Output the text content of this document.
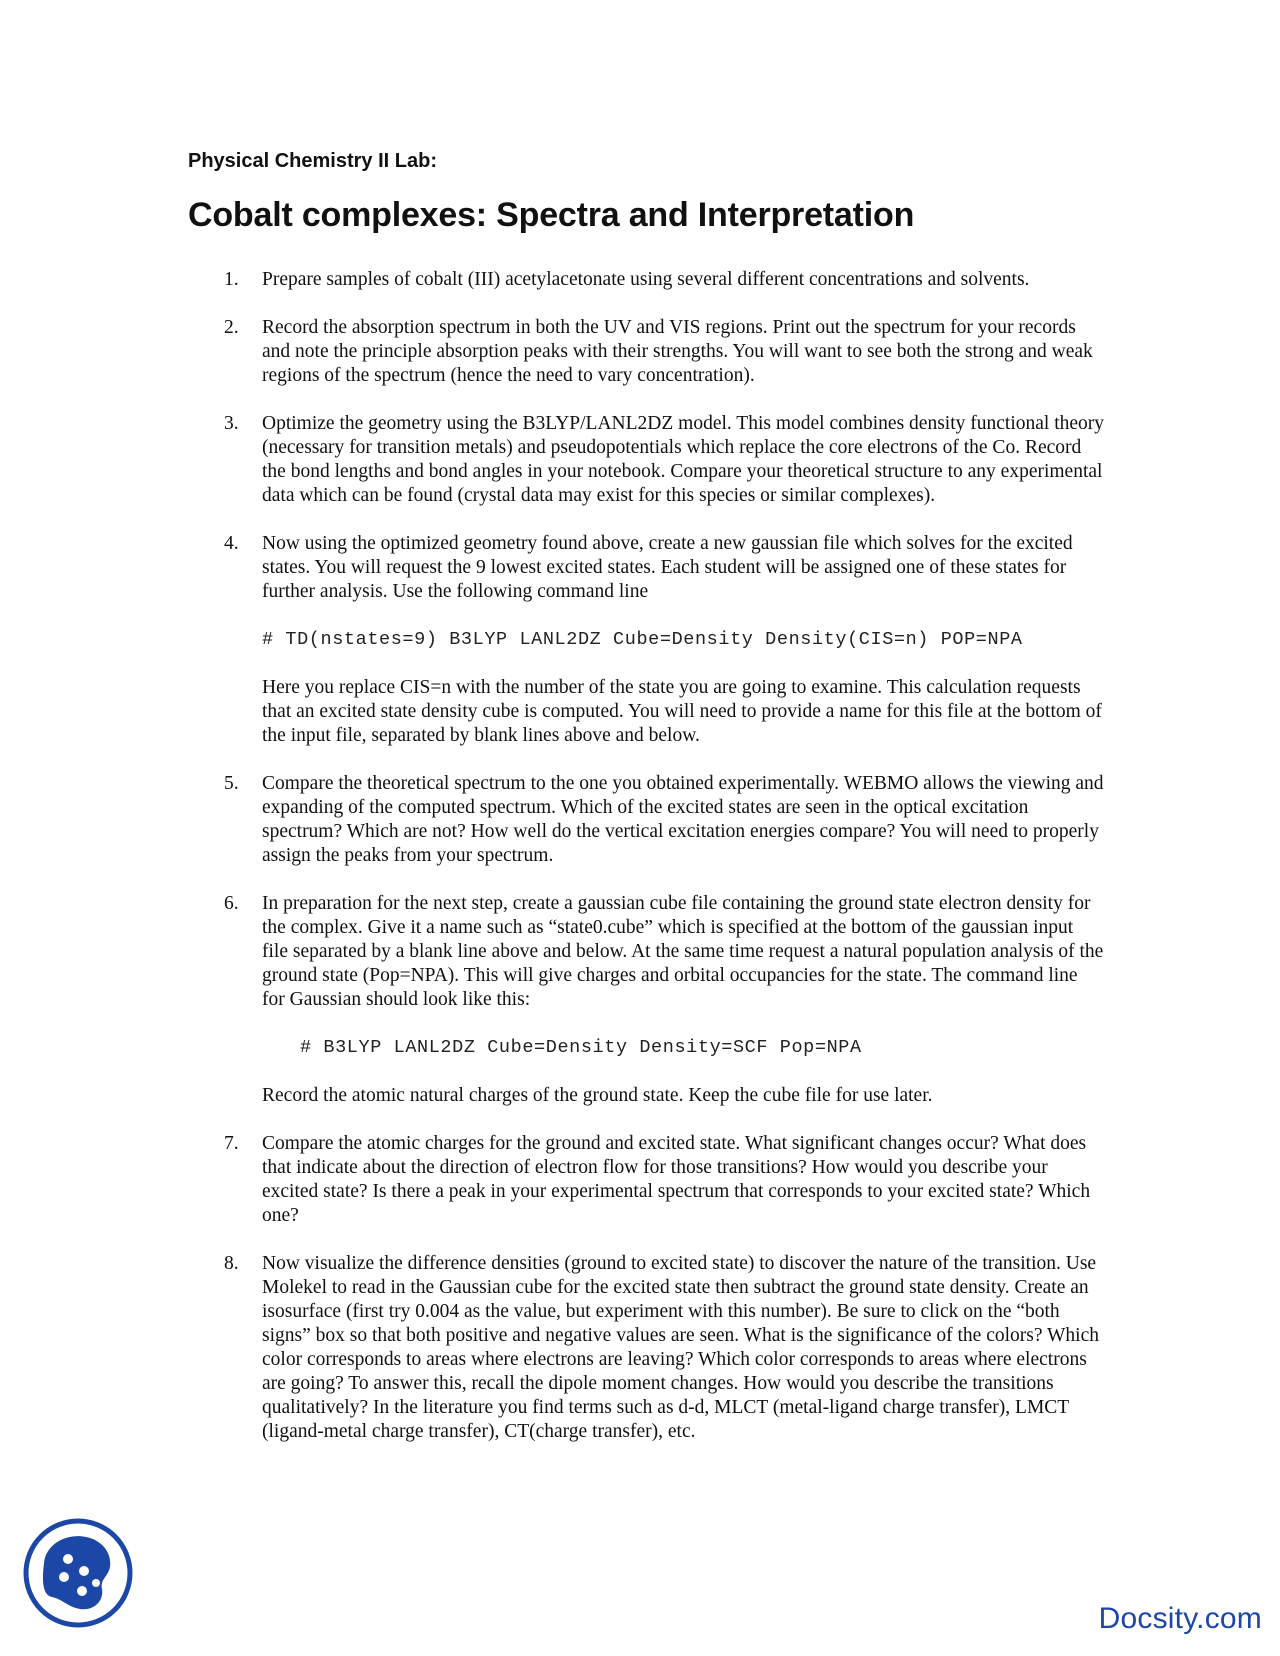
Physical Chemistry II Lab:
Cobalt complexes: Spectra and Interpretation
1.	Prepare samples of cobalt (III) acetylacetonate using several different concentrations and solvents.

2.	Record the absorption spectrum in both the UV and VIS regions. Print out the spectrum for your records and note the principle absorption peaks with their strengths. You will want to see both the strong and weak regions of the spectrum (hence the need to vary concentration).

3.	Optimize the geometry using the B3LYP/LANL2DZ model. This model combines density functional theory (necessary for transition metals) and pseudopotentials which replace the core electrons of the Co. Record the bond lengths and bond angles in your notebook. Compare your theoretical structure to any experimental data which can be found (crystal data may exist for this species or similar complexes).

4.	Now using the optimized geometry found above, create a new gaussian file which solves for the excited states. You will request the 9 lowest excited states. Each student will be assigned one of these states for further analysis. Use the following command line

# TD(nstates=9) B3LYP LANL2DZ Cube=Density Density(CIS=n) POP=NPA

Here you replace CIS=n with the number of the state you are going to examine. This calculation requests that an excited state density cube is computed. You will need to provide a name for this file at the bottom of the input file, separated by blank lines above and below.

5.	Compare the theoretical spectrum to the one you obtained experimentally. WEBMO allows the viewing and expanding of the computed spectrum. Which of the excited states are seen in the optical excitation spectrum? Which are not? How well do the vertical excitation energies compare? You will need to properly assign the peaks from your spectrum.

6.	In preparation for the next step, create a gaussian cube file containing the ground state electron density for the complex. Give it a name such as “state0.cube” which is specified at the bottom of the gaussian input file separated by a blank line above and below. At the same time request a natural population analysis of the ground state (Pop=NPA). This will give charges and orbital occupancies for the state. The command line for Gaussian should look like this:

# B3LYP LANL2DZ Cube=Density Density=SCF Pop=NPA

Record the atomic natural charges of the ground state. Keep the cube file for use later.

7.	Compare the atomic charges for the ground and excited state. What significant changes occur? What does that indicate about the direction of electron flow for those transitions? How would you describe your excited state? Is there a peak in your experimental spectrum that corresponds to your excited state? Which one?

8.	Now visualize the difference densities (ground to excited state) to discover the nature of the transition. Use Molekel to read in the Gaussian cube for the excited state then subtract the ground state density. Create an isosurface (first try 0.004 as the value, but experiment with this number). Be sure to click on the “both signs” box so that both positive and negative values are seen. What is the significance of the colors? Which color corresponds to areas where electrons are leaving? Which color corresponds to areas where electrons are going? To answer this, recall the dipole moment changes. How would you describe the transitions qualitatively? In the literature you find terms such as d-d, MLCT (metal-ligand charge transfer), LMCT (ligand-metal charge transfer), CT(charge transfer), etc.

Docsity.com
